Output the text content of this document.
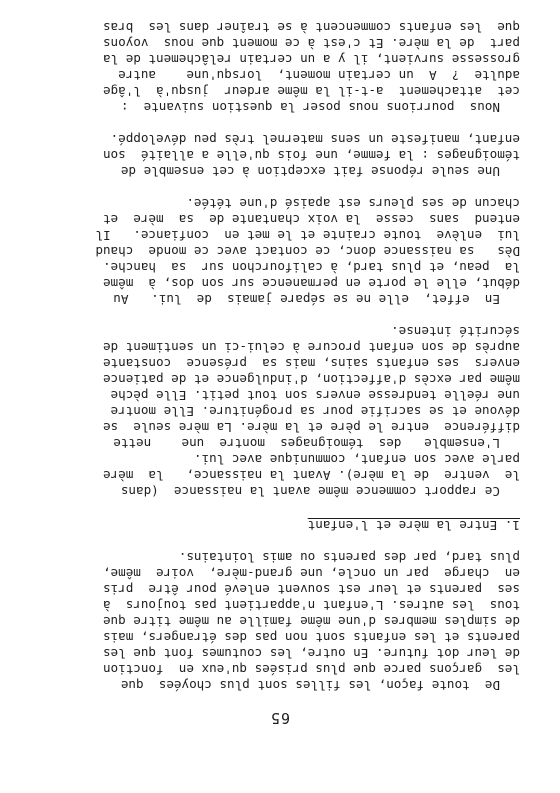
65
De  toute façon, les filles sont plus choyées  que
les  garçons parce que plus prisées qu'eux en  fonction
de leur dot future. En outre, les coutumes font que les
parents et les enfants sont non pas des étrangers, mais
de simples membres d'une même famille au même titre que
tous  les autres. L'enfant n'appartient pas toujours  à
ses  parents et leur est souvent enlevé pour être  pris
en  charge  par un oncle, une grand-mère,  voire  même,
plus tard, par des parents ou amis lointains.
1. Entre la mère et l'enfant
Ce rapport commence même avant la naissance  (dans
le  ventre  de la mère). Avant la naissance,   la  mère
parle avec son enfant, communique avec lui.
L'ensemble   des  témoignages  montre  une    nette
différence  entre le père et la mère. La mère seule  se
dévoue et se sacrifie pour sa progéniture. Elle montre
une réelle tendresse envers son tout petit. Elle pèche
même par excès d'affection, d'indulgence et de patience
envers  ses enfants sains, mais sa  présence  constante
auprès de son enfant procure à celui-ci un sentiment de
sécurité intense.
En  effet,  elle ne se sépare jamais  de  lui.   Au
début, elle le porte en permanence sur son dos, à  même
la  peau, et plus tard, à califourchon sur  sa  hanche.
Dès   sa naissance donc, ce contact avec ce monde  chaud
lui  enlève  toute crainte et le met en  confiance.   Il
entend  sans  cesse  la voix chantante de  sa  mère  et
chacun de ses pleurs est apaisé d'une tétée.
Une seule réponse fait exception à cet ensemble de
témoignages : la femme, une fois qu'elle a allaité  son
enfant, manifeste un sens maternel très peu développé.
Nous  pourrions nous poser la question suivante  :
cet  attachement  a-t-il la même ardeur  jusqu'à  l'âge
adulte  ?  A  un certain moment,  lorsqu'une    autre
grossesse survient, il y a un certain relâchement de la
part  de la mère. Et c'est à ce moment que nous  voyons
que  les enfants commencent à se traîner dans les  bras
